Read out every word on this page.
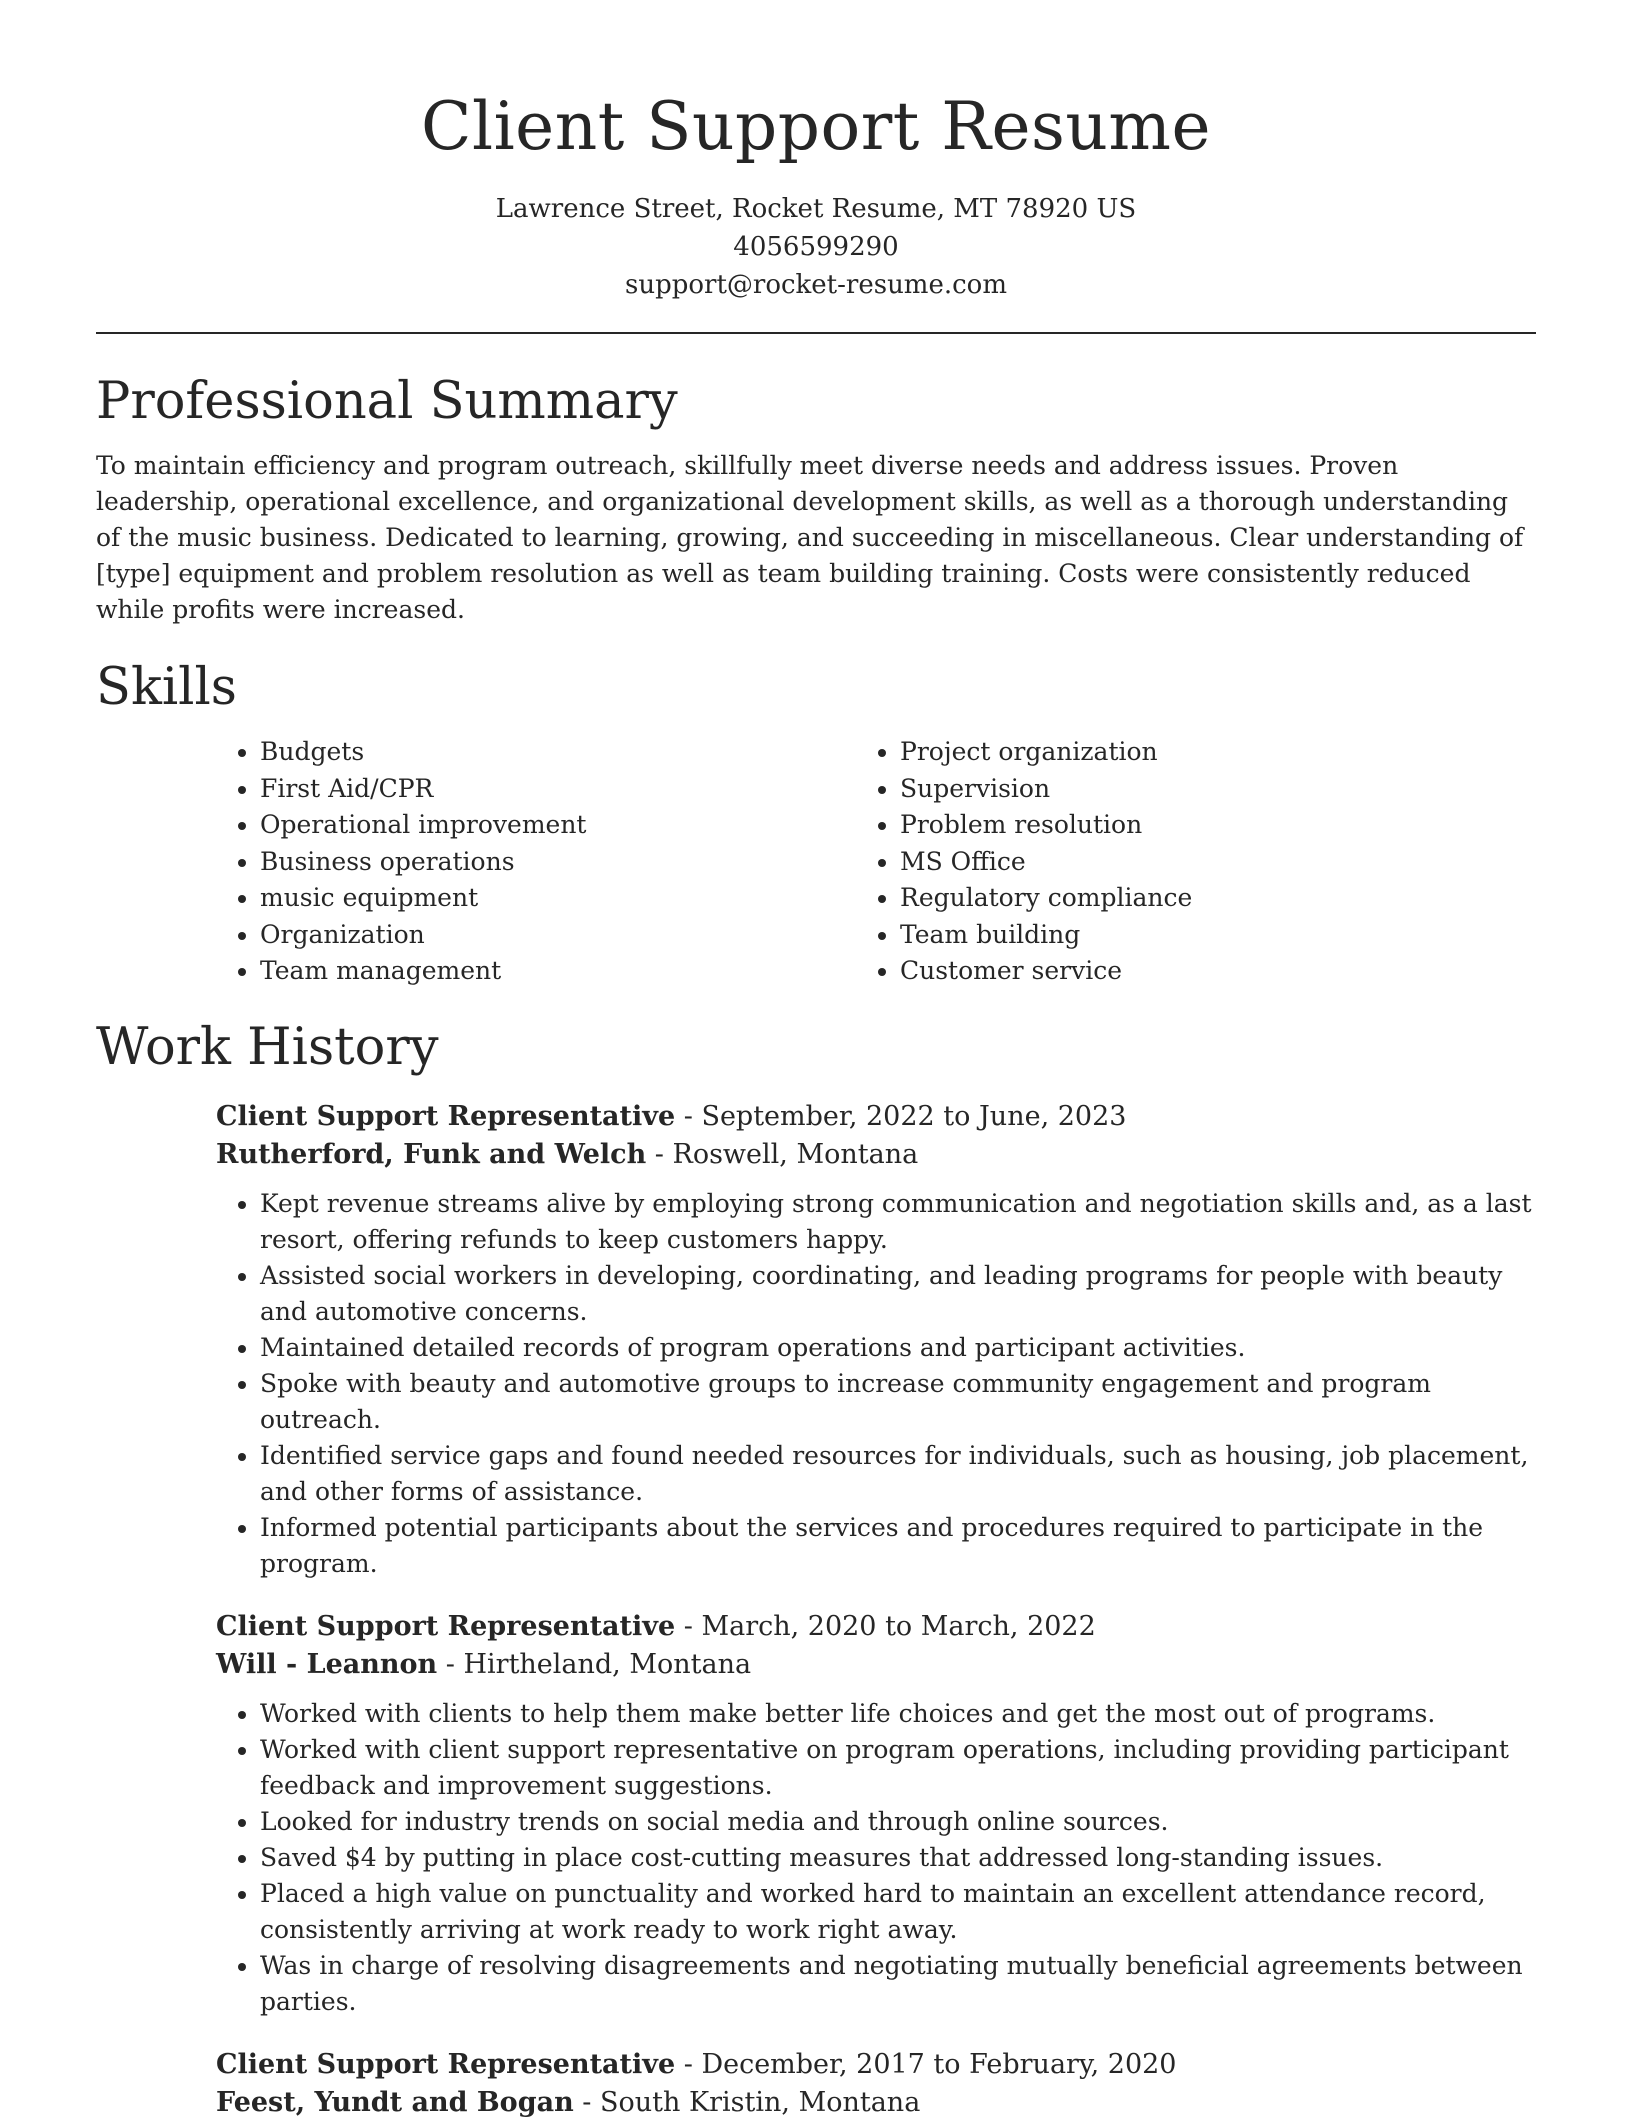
Client Support Resume
Lawrence Street, Rocket Resume, MT 78920 US
4056599290
support@rocket-resume.com
Professional Summary

To maintain efficiency and program outreach, skillfully meet diverse needs and address issues. Proven leadership, operational excellence, and organizational development skills, as well as a thorough understanding of the music business. Dedicated to learning, growing, and succeeding in miscellaneous. Clear understanding of [type] equipment and problem resolution as well as team building training. Costs were consistently reduced while profits were increased.

Skills
• Budgets
• First Aid/CPR
• Operational improvement
• Business operations
• music equipment
• Organization
• Team management
• Project organization
• Supervision
• Problem resolution
• MS Office
• Regulatory compliance
• Team building
• Customer service
Work History
Client Support Representative - September, 2022 to June, 2023
Rutherford, Funk and Welch - Roswell, Montana
• Kept revenue streams alive by employing strong communication and negotiation skills and, as a last resort, offering refunds to keep customers happy.
• Assisted social workers in developing, coordinating, and leading programs for people with beauty and automotive concerns.
• Maintained detailed records of program operations and participant activities.
• Spoke with beauty and automotive groups to increase community engagement and program outreach.
• Identified service gaps and found needed resources for individuals, such as housing, job placement, and other forms of assistance.
• Informed potential participants about the services and procedures required to participate in the program.
Client Support Representative - March, 2020 to March, 2022
Will - Leannon - Hirtheland, Montana
• Worked with clients to help them make better life choices and get the most out of programs.
• Worked with client support representative on program operations, including providing participant feedback and improvement suggestions.
• Looked for industry trends on social media and through online sources.
• Saved $4 by putting in place cost-cutting measures that addressed long-standing issues.
• Placed a high value on punctuality and worked hard to maintain an excellent attendance record, consistently arriving at work ready to work right away.
• Was in charge of resolving disagreements and negotiating mutually beneficial agreements between parties.
Client Support Representative - December, 2017 to February, 2020
Feest, Yundt and Bogan - South Kristin, Montana
